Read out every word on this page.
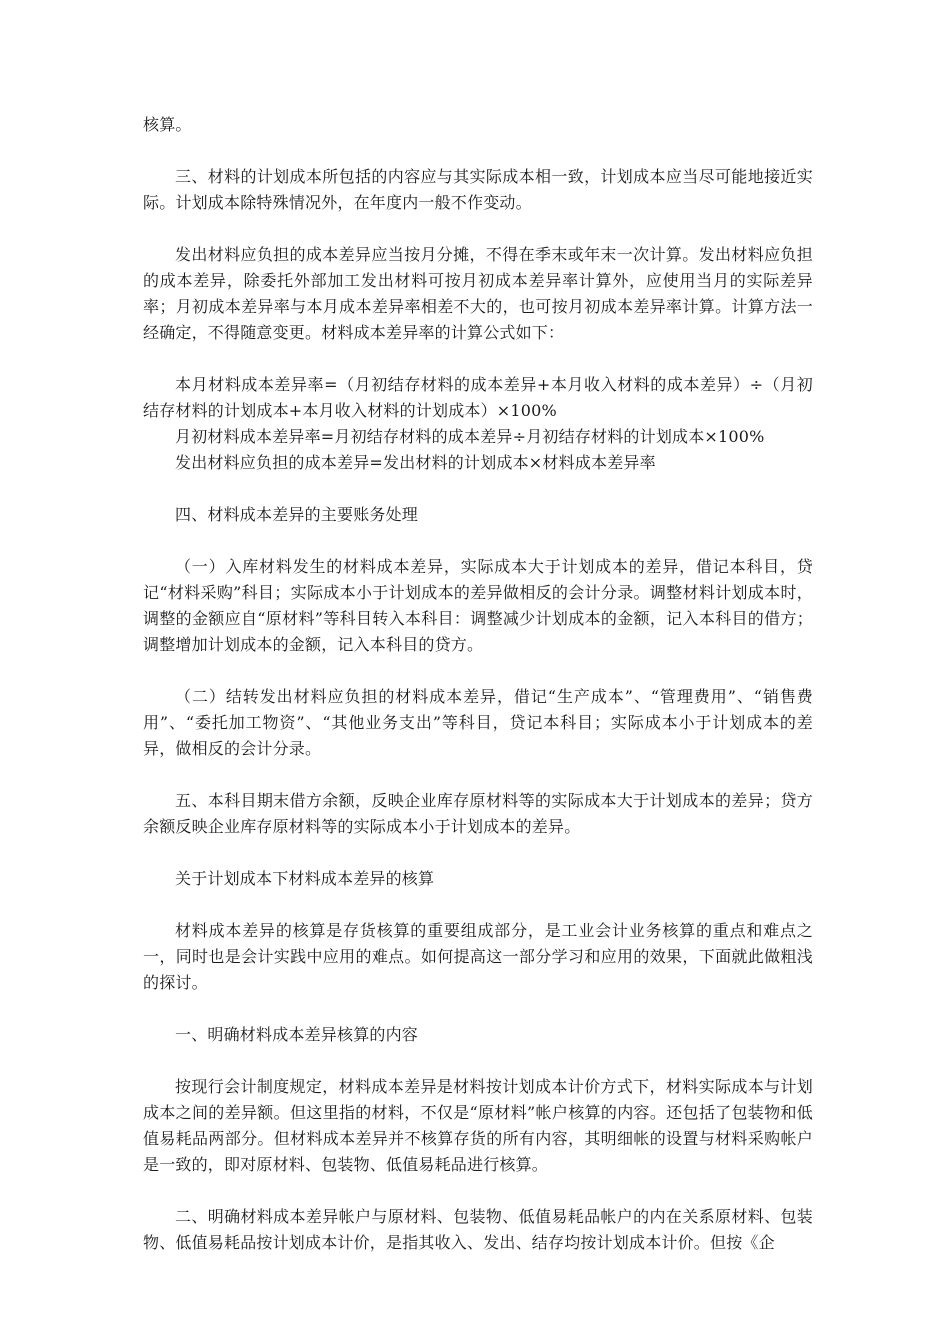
核算。

三、材料的计划成本所包括的内容应与其实际成本相一致，计划成本应当尽可能地接近实际。计划成本除特殊情况外，在年度内一般不作变动。

发出材料应负担的成本差异应当按月分摊，不得在季末或年末一次计算。发出材料应负担的成本差异，除委托外部加工发出材料可按月初成本差异率计算外，应使用当月的实际差异率；月初成本差异率与本月成本差异率相差不大的，也可按月初成本差异率计算。计算方法一经确定，不得随意变更。材料成本差异率的计算公式如下：

本月材料成本差异率=（月初结存材料的成本差异+本月收入材料的成本差异）÷（月初结存材料的计划成本+本月收入材料的计划成本）×100%
月初材料成本差异率=月初结存材料的成本差异÷月初结存材料的计划成本×100%
发出材料应负担的成本差异=发出材料的计划成本×材料成本差异率

四、材料成本差异的主要账务处理

（一）入库材料发生的材料成本差异，实际成本大于计划成本的差异，借记本科目，贷记“材料采购”科目；实际成本小于计划成本的差异做相反的会计分录。调整材料计划成本时，调整的金额应自“原材料”等科目转入本科目：调整减少计划成本的金额，记入本科目的借方；调整增加计划成本的金额，记入本科目的贷方。

（二）结转发出材料应负担的材料成本差异，借记“生产成本”、“管理费用”、“销售费用”、“委托加工物资”、“其他业务支出”等科目，贷记本科目；实际成本小于计划成本的差异，做相反的会计分录。

五、本科目期末借方余额，反映企业库存原材料等的实际成本大于计划成本的差异；贷方余额反映企业库存原材料等的实际成本小于计划成本的差异。

关于计划成本下材料成本差异的核算

材料成本差异的核算是存货核算的重要组成部分，是工业会计业务核算的重点和难点之一，同时也是会计实践中应用的难点。如何提高这一部分学习和应用的效果，下面就此做粗浅的探讨。

一、明确材料成本差异核算的内容

按现行会计制度规定，材料成本差异是材料按计划成本计价方式下，材料实际成本与计划成本之间的差异额。但这里指的材料，不仅是“原材料”帐户核算的内容。还包括了包装物和低值易耗品两部分。但材料成本差异并不核算存货的所有内容，其明细帐的设置与材料采购帐户是一致的，即对原材料、包装物、低值易耗品进行核算。

二、明确材料成本差异帐户与原材料、包装物、低值易耗品帐户的内在关系原材料、包装物、低值易耗品按计划成本计价，是指其收入、发出、结存均按计划成本计价。但按《企
